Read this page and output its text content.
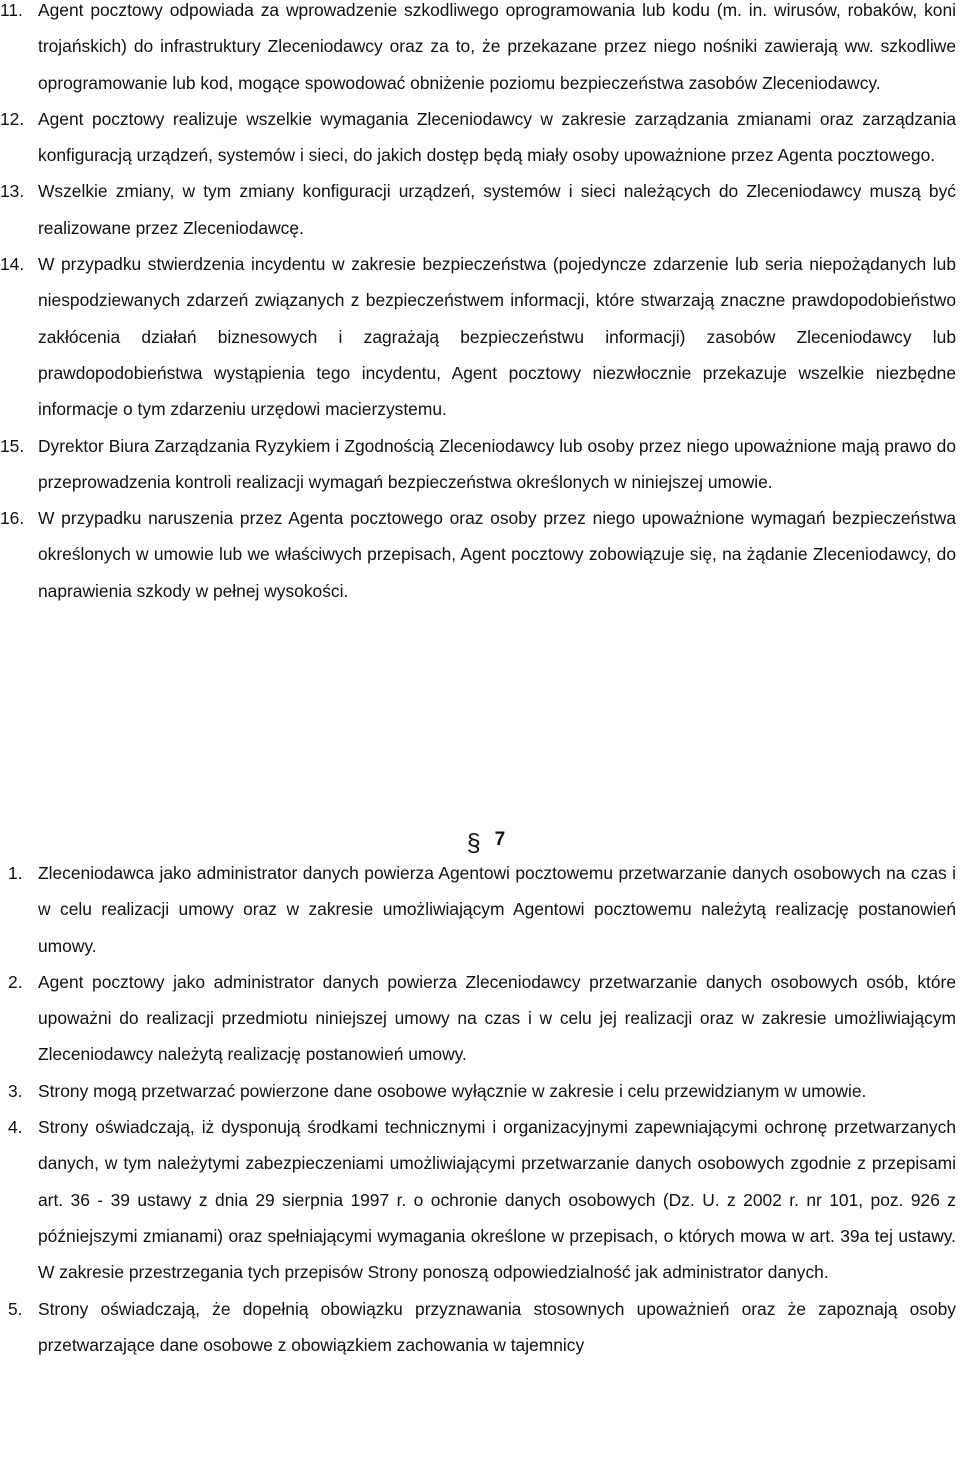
11. Agent pocztowy odpowiada za wprowadzenie szkodliwego oprogramowania lub kodu (m. in. wirusów, robaków, koni trojańskich) do infrastruktury Zleceniodawcy oraz za to, że przekazane przez niego nośniki zawierają ww. szkodliwe oprogramowanie lub kod, mogące spowodować obniżenie poziomu bezpieczeństwa zasobów Zleceniodawcy.
12. Agent pocztowy realizuje wszelkie wymagania Zleceniodawcy w zakresie zarządzania zmianami oraz zarządzania konfiguracją urządzeń, systemów i sieci, do jakich dostęp będą miały osoby upoważnione przez Agenta pocztowego.
13. Wszelkie zmiany, w tym zmiany konfiguracji urządzeń, systemów i sieci należących do Zleceniodawcy muszą być realizowane przez Zleceniodawcę.
14. W przypadku stwierdzenia incydentu w zakresie bezpieczeństwa (pojedyncze zdarzenie lub seria niepożądanych lub niespodziewanych zdarzeń związanych z bezpieczeństwem informacji, które stwarzają znaczne prawdopodobieństwo zakłócenia działań biznesowych i zagrażają bezpieczeństwu informacji) zasobów Zleceniodawcy lub prawdopodobieństwa wystąpienia tego incydentu, Agent pocztowy niezwłocznie przekazuje wszelkie niezbędne informacje o tym zdarzeniu urzędowi macierzystemu.
15. Dyrektor Biura Zarządzania Ryzykiem i Zgodnością Zleceniodawcy lub osoby przez niego upoważnione mają prawo do przeprowadzenia kontroli realizacji wymagań bezpieczeństwa określonych w niniejszej umowie.
16. W przypadku naruszenia przez Agenta pocztowego oraz osoby przez niego upoważnione wymagań bezpieczeństwa określonych w umowie lub we właściwych przepisach, Agent pocztowy zobowiązuje się, na żądanie Zleceniodawcy, do naprawienia szkody w pełnej wysokości.
§ 7
1. Zleceniodawca jako administrator danych powierza Agentowi pocztowemu przetwarzanie danych osobowych na czas i w celu realizacji umowy oraz w zakresie umożliwiającym Agentowi pocztowemu należytą realizację postanowień umowy.
2. Agent pocztowy jako administrator danych powierza Zleceniodawcy przetwarzanie danych osobowych osób, które upoważni do realizacji przedmiotu niniejszej umowy na czas i w celu jej realizacji oraz w zakresie umożliwiającym Zleceniodawcy należytą realizację postanowień umowy.
3. Strony mogą przetwarzać powierzone dane osobowe wyłącznie w zakresie i celu przewidzianym w umowie.
4. Strony oświadczają, iż dysponują środkami technicznymi i organizacyjnymi zapewniającymi ochronę przetwarzanych danych, w tym należytymi zabezpieczeniami umożliwiającymi przetwarzanie danych osobowych zgodnie z przepisami art. 36 - 39 ustawy z dnia 29 sierpnia 1997 r. o ochronie danych osobowych (Dz. U. z 2002 r. nr 101, poz. 926 z późniejszymi zmianami) oraz spełniającymi wymagania określone w przepisach, o których mowa w art. 39a tej ustawy. W zakresie przestrzegania tych przepisów Strony ponoszą odpowiedzialność jak administrator danych.
5. Strony oświadczają, że dopełnią obowiązku przyznawania stosownych upoważnień oraz że zapoznają osoby przetwarzające dane osobowe z obowiązkiem zachowania w tajemnicy
